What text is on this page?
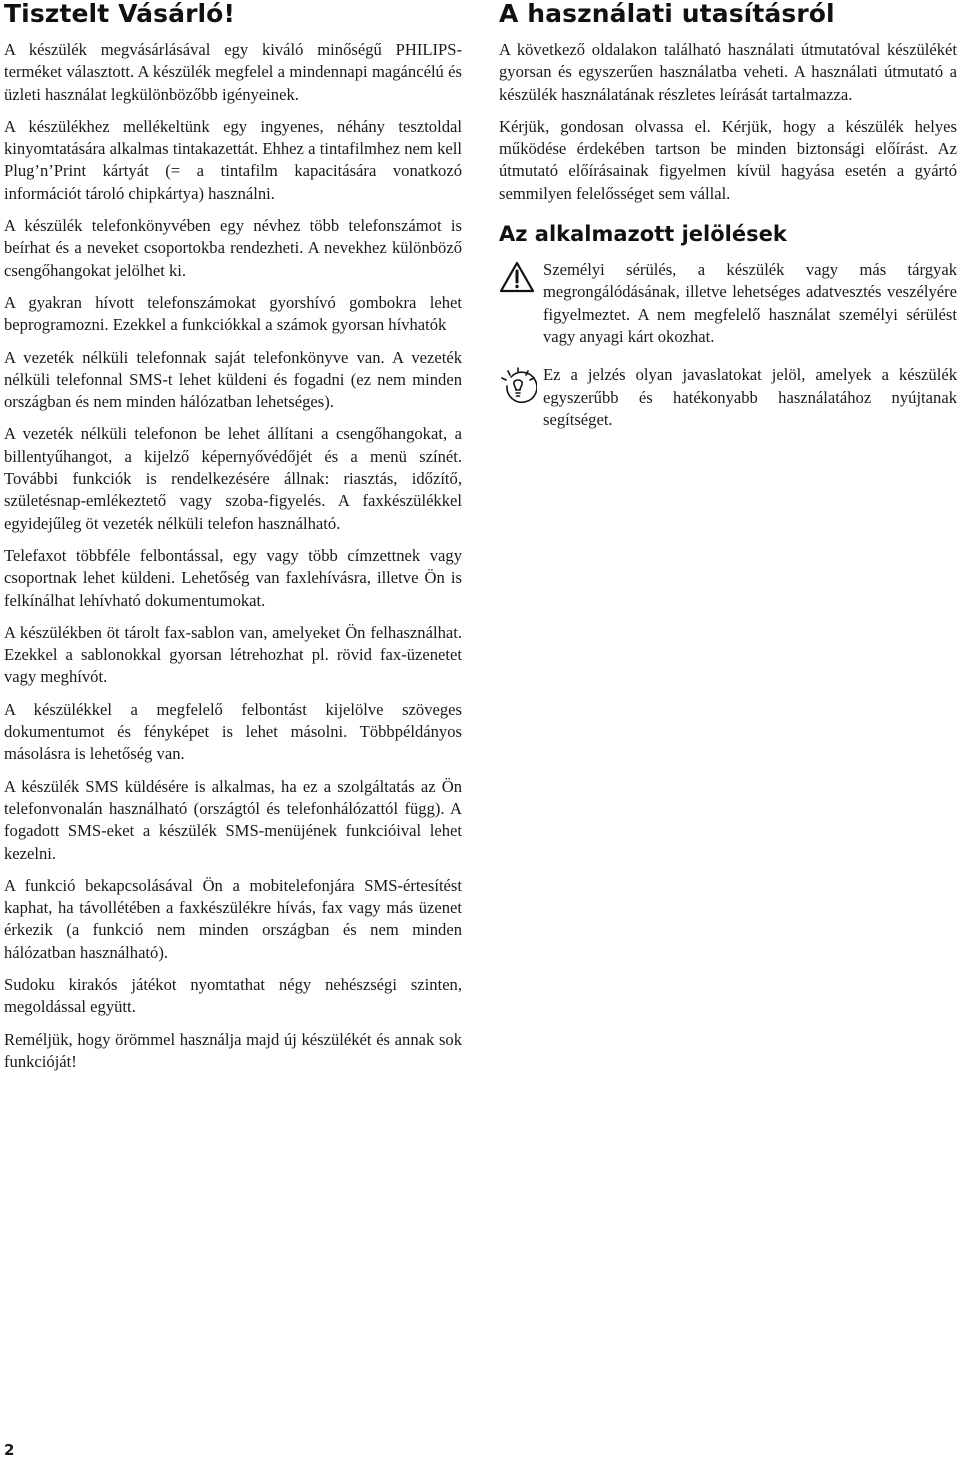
Tisztelt Vásárló!

A készülék megvásárlásával egy kiváló minőségű PHILIPS-terméket választott. A készülék megfelel a mindennapi magáncélú és üzleti használat legkülönbözőbb igényeinek.

A készülékhez mellékeltünk egy ingyenes, néhány tesztoldal kinyomtatására alkalmas tintakazettát. Ehhez a tintafilmhez nem kell Plug’n’Print kártyát (= a tintafilm kapacitására vonatkozó információt tároló chipkártya) használni.

A készülék telefonkönyvében egy névhez több telefonszámot is beírhat és a neveket csoportokba rendezheti. A nevekhez különböző csengőhangokat jelölhet ki.

A gyakran hívott telefonszámokat gyorshívó gombokra lehet beprogramozni. Ezekkel a funkciókkal a számok gyorsan hívhatók

A vezeték nélküli telefonnak saját telefonkönyve van. A vezeték nélküli telefonnal SMS-t lehet küldeni és fogadni (ez nem minden országban és nem minden hálózatban lehetséges).

A vezeték nélküli telefonon be lehet állítani a csengőhangokat, a billentyűhangot, a kijelző képernyővédőjét és a menü színét. További funkciók is rendelkezésére állnak: riasztás, időzítő, születésnap-emlékeztető vagy szoba-figyelés. A faxkészülékkel egyidejűleg öt vezeték nélküli telefon használható.

Telefaxot többféle felbontással, egy vagy több címzettnek vagy csoportnak lehet küldeni. Lehetőség van faxlehívásra, illetve Ön is felkínálhat lehívható dokumentumokat.

A készülékben öt tárolt fax-sablon van, amelyeket Ön felhasználhat. Ezekkel a sablonokkal gyorsan létrehozhat pl. rövid fax-üzenetet vagy meghívót.

A készülékkel a megfelelő felbontást kijelölve szöveges dokumentumot és fényképet is lehet másolni. Többpéldányos másolásra is lehetőség van.

A készülék SMS küldésére is alkalmas, ha ez a szolgáltatás az Ön telefonvonalán használható (országtól és telefonhálózattól függ). A fogadott SMS-eket a készülék SMS-menüjének funkcióival lehet kezelni.

A funkció bekapcsolásával Ön a mobitelefonjára SMS-értesítést kaphat, ha távollétében a faxkészülékre hívás, fax vagy más üzenet érkezik (a funkció nem minden országban és nem minden hálózatban használható).

Sudoku kirakós játékot nyomtathat négy nehészségi szinten, megoldással együtt.

Reméljük, hogy örömmel használja majd új készülékét és annak sok funkcióját!

A használati utasításról

A következő oldalakon található használati útmutatóval készülékét gyorsan és egyszerűen használatba veheti. A használati útmutató a készülék használatának részletes leírását tartalmazza.

Kérjük, gondosan olvassa el. Kérjük, hogy a készülék helyes működése érdekében tartson be minden biztonsági előírást. Az útmutató előírásainak figyelmen kívül hagyása esetén a gyártó semmilyen felelősséget sem vállal.

Az alkalmazott jelölések

Személyi sérülés, a készülék vagy más tárgyak megrongálódásának, illetve lehetséges adatvesztés veszélyére figyelmeztet. A nem megfelelő használat személyi sérülést vagy anyagi kárt okozhat.

Ez a jelzés olyan javaslatokat jelöl, amelyek a készülék egyszerűbb és hatékonyabb használatához nyújtanak segítséget.

2
